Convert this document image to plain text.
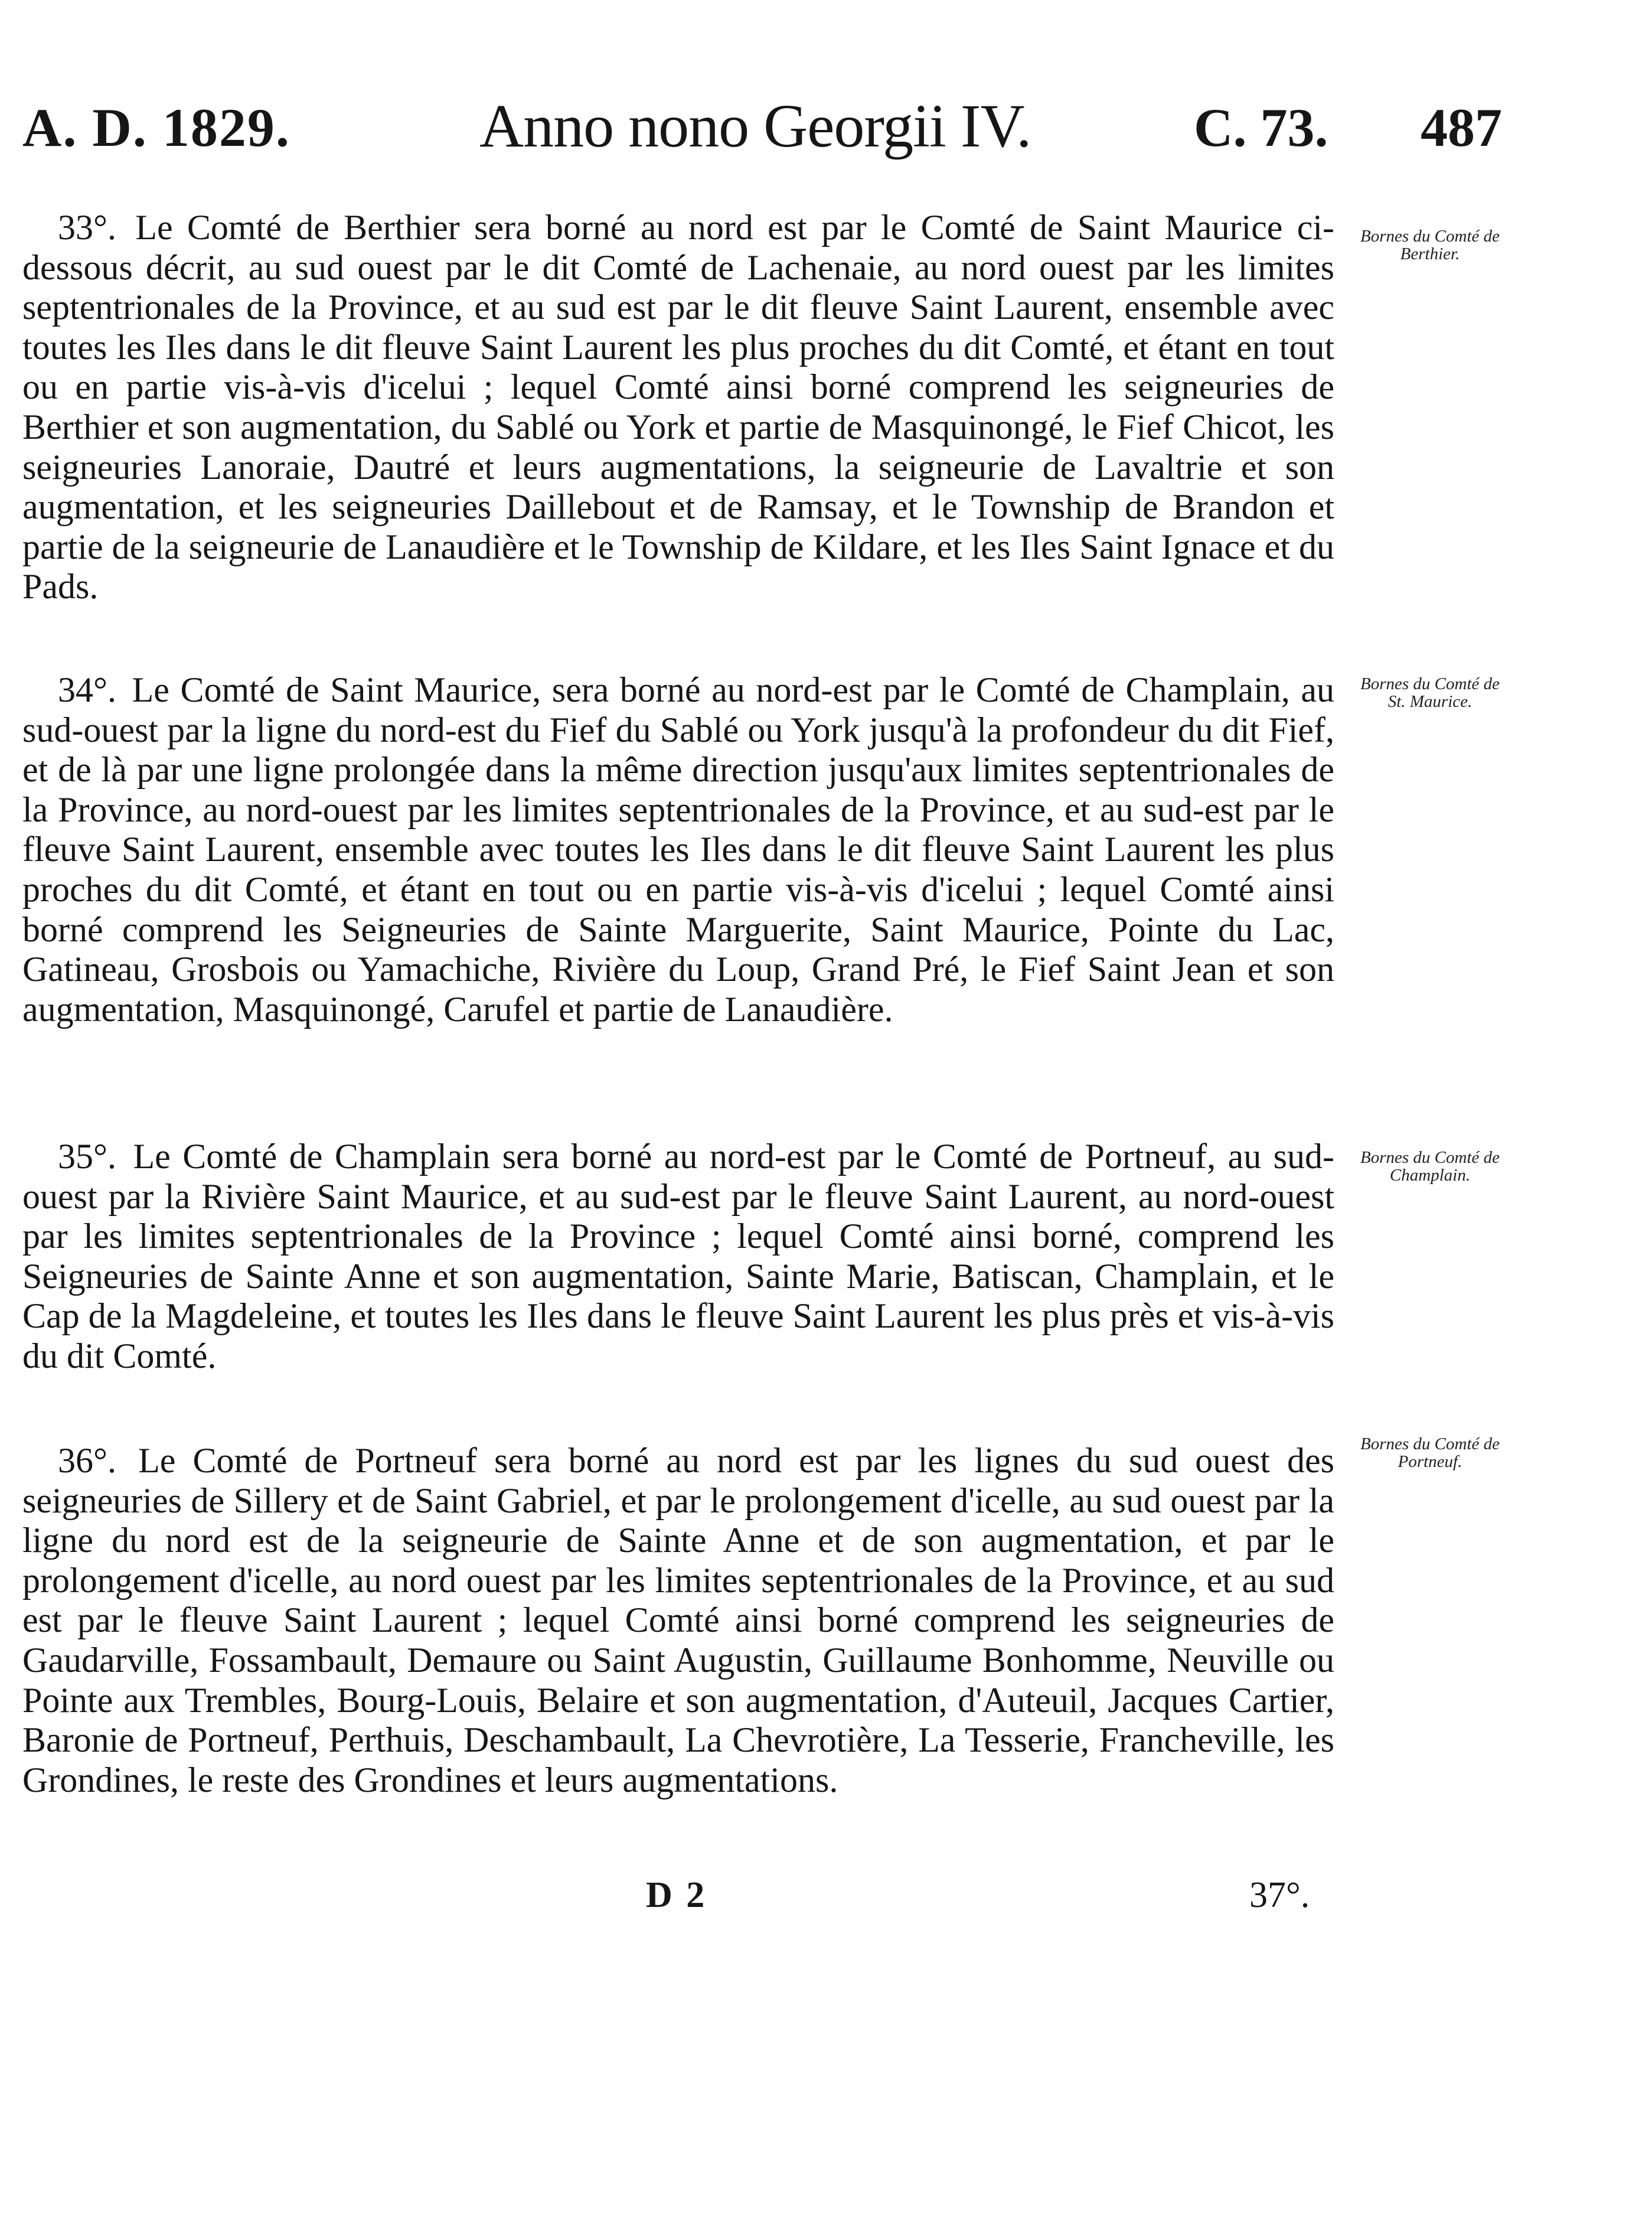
A. D. 1829.	Anno nono Georgii IV.	C. 73. 487

33°. Le Comté de Berthier sera borné au nord est par le Comté de Saint Maurice ci-dessous décrit, au sud ouest par le dit Comté de Lachenaie, au nord ouest par les limites septentrionales de la Province, et au sud est par le dit fleuve Saint Laurent, ensemble avec toutes les Iles dans le dit fleuve Saint Laurent les plus proches du dit Comté, et étant en tout ou en partie vis-à-vis d'icelui ; lequel Comté ainsi borné comprend les seigneuries de Berthier et son augmentation, du Sablé ou York et partie de Masquinongé, le Fief Chicot, les seigneuries Lanoraie, Dautré et leurs augmentations, la seigneurie de Lavaltrie et son augmentation, et les seigneuries Daillebout et de Ramsay, et le Township de Brandon et partie de la seigneurie de Lanaudière et le Township de Kildare, et les Iles Saint Ignace et du Pads.

Bornes du Comté de Berthier.

34°. Le Comté de Saint Maurice, sera borné au nord-est par le Comté de Champlain, au sud-ouest par la ligne du nord-est du Fief du Sablé ou York jusqu'à la profondeur du dit Fief, et de là par une ligne prolongée dans la même direction jusqu'aux limites septentrionales de la Province, au nord-ouest par les limites septentrionales de la Province, et au sud-est par le fleuve Saint Laurent, ensemble avec toutes les Iles dans le dit fleuve Saint Laurent les plus proches du dit Comté, et étant en tout ou en partie vis-à-vis d'icelui ; lequel Comté ainsi borné comprend les Seigneuries de Sainte Marguerite, Saint Maurice, Pointe du Lac, Gatineau, Grosbois ou Yamachiche, Rivière du Loup, Grand Pré, le Fief Saint Jean et son augmentation, Masquinongé, Carufel et partie de Lanaudière.

Bornes du Comté de St. Maurice.

35°. Le Comté de Champlain sera borné au nord-est par le Comté de Portneuf, au sud-ouest par la Rivière Saint Maurice, et au sud-est par le fleuve Saint Laurent, au nord-ouest par les limites septentrionales de la Province ; lequel Comté ainsi borné, comprend les Seigneuries de Sainte Anne et son augmentation, Sainte Marie, Batiscan, Champlain, et le Cap de la Magdeleine, et toutes les Iles dans le fleuve Saint Laurent les plus près et vis-à-vis du dit Comté.

Bornes du Comté de Champlain.

36°. Le Comté de Portneuf sera borné au nord est par les lignes du sud ouest des seigneuries de Sillery et de Saint Gabriel, et par le prolongement d'icelle, au sud ouest par la ligne du nord est de la seigneurie de Sainte Anne et de son augmentation, et par le prolongement d'icelle, au nord ouest par les limites septentrionales de la Province, et au sud est par le fleuve Saint Laurent ; lequel Comté ainsi borné comprend les seigneuries de Gaudarville, Fossambault, Demaure ou Saint Augustin, Guillaume Bonhomme, Neuville ou Pointe aux Trembles, Bourg-Louis, Belaire et son augmentation, d'Auteuil, Jacques Cartier, Baronie de Portneuf, Perthuis, Deschambault, La Chevrotière, La Tesserie, Francheville, les Grondines, le reste des Grondines et leurs augmentations.

Bornes du Comté de Portneuf.
D 2	37°.
